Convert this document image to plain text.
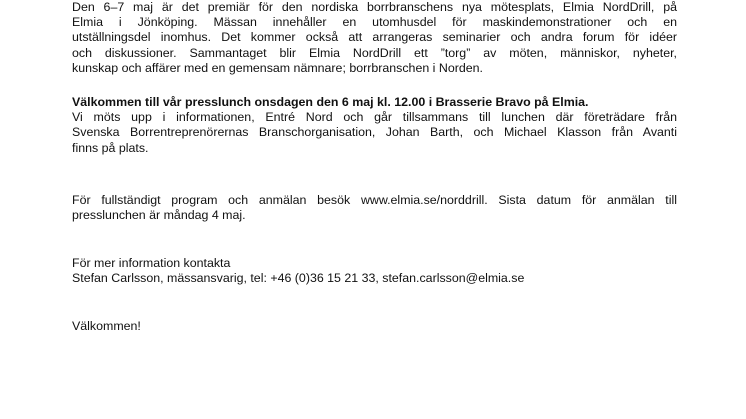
Den 6–7 maj är det premiär för den nordiska borrbranschens nya mötesplats, Elmia NordDrill, på
Elmia i Jönköping. Mässan innehåller en utomhusdel för maskindemonstrationer och en
utställningsdel inomhus. Det kommer också att arrangeras seminarier och andra forum för idéer
och diskussioner. Sammantaget blir Elmia NordDrill ett ”torg” av möten, människor, nyheter,
kunskap och affärer med en gemensam nämnare; borrbranschen i Norden.
Välkommen till vår presslunch onsdagen den 6 maj kl. 12.00 i Brasserie Bravo på Elmia.
Vi möts upp i informationen, Entré Nord och går tillsammans till lunchen där företrädare från
Svenska Borrentreprenörernas Branschorganisation, Johan Barth, och Michael Klasson från Avanti
finns på plats.
För fullständigt program och anmälan besök www.elmia.se/norddrill. Sista datum för anmälan till
presslunchen är måndag 4 maj.
För mer information kontakta
Stefan Carlsson, mässansvarig, tel: +46 (0)36 15 21 33, stefan.carlsson@elmia.se
Välkommen!
